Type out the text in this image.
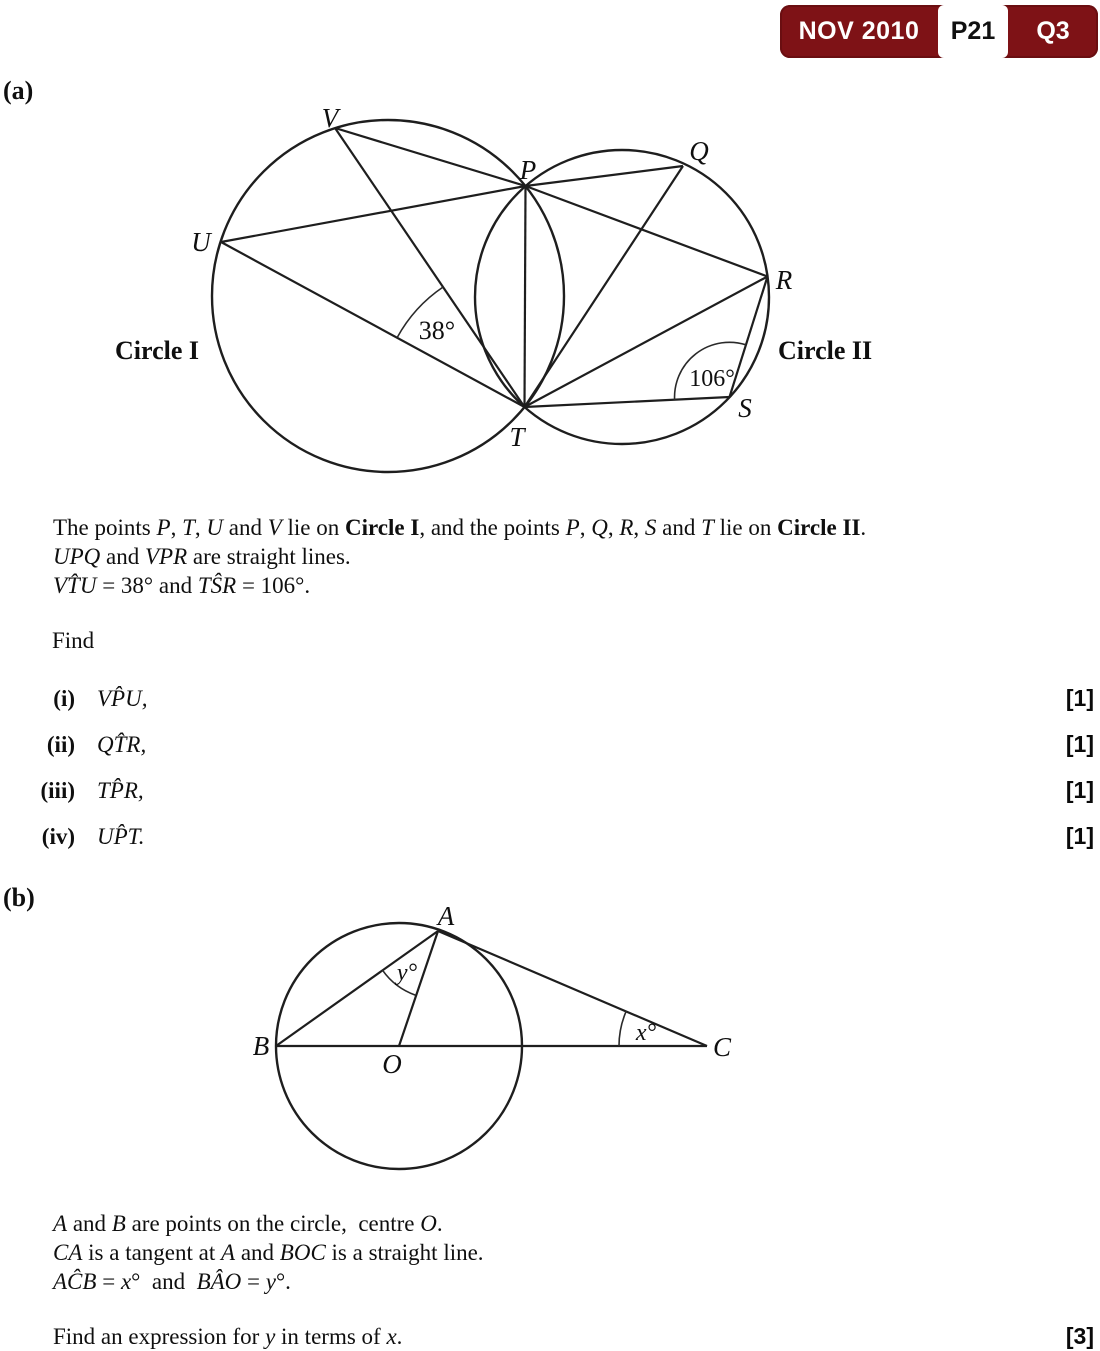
NOV 2010	P21	Q3
(a)
V
P
Q
U
R
S
T
Circle I	Circle II
38°
106°
The points P, T, U and V lie on Circle I, and the points P, Q, R, S and T lie on Circle II.
UPQ and VPR are straight lines.
VT̂U = 38° and TŜR = 106°.
Find
(i) VP̂U,	[1]
(ii) QT̂R,	[1]
(iii) TP̂R,	[1]
(iv) UP̂T.	[1]
(b)
A
B
O
C
y°
x°
A and B are points on the circle,  centre O.
CA is a tangent at A and BOC is a straight line.
AĈB = x°  and  BÂO = y°.
Find an expression for y in terms of x.	[3]
